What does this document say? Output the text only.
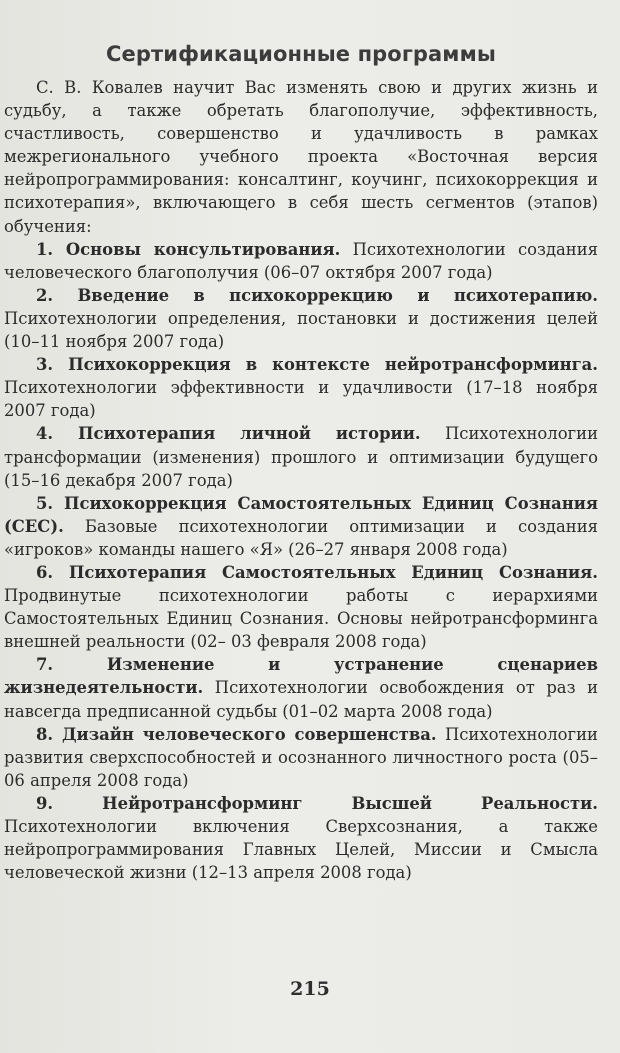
Сертификационные программы

С. В. Ковалев научит Вас изменять свою и других жизнь и судьбу, а также обретать благополучие, эффективность, счастливость, совершенство и удачливость в рамках межрегионального учебного проекта «Восточная версия нейропрограммирования: консалтинг, коучинг, психокоррекция и психотерапия», включающего в себя шесть сегментов (этапов) обучения:

1. Основы консультирования. Психотехнологии создания человеческого благополучия (06–07 октября 2007 года)

2. Введение в психокоррекцию и психотерапию. Психотехнологии определения, постановки и достижения целей (10–11 ноября 2007 года)

3. Психокоррекция в контексте нейротрансформинга. Психотехнологии эффективности и удачливости (17–18 ноября 2007 года)

4. Психотерапия личной истории. Психотехнологии трансформации (изменения) прошлого и оптимизации будущего (15–16 декабря 2007 года)

5. Психокоррекция Самостоятельных Единиц Сознания (СЕС). Базовые психотехнологии оптимизации и создания «игроков» команды нашего «Я» (26–27 января 2008 года)

6. Психотерапия Самостоятельных Единиц Сознания. Продвинутые психотехнологии работы с иерархиями Самостоятельных Единиц Сознания. Основы нейротрансформинга внешней реальности (02– 03 февраля 2008 года)

7. Изменение и устранение сценариев жизнедеятельности. Психотехнологии освобождения от раз и навсегда предписанной судьбы (01–02 марта 2008 года)

8. Дизайн человеческого совершенства. Психотехнологии развития сверхспособностей и осознанного личностного роста (05–06 апреля 2008 года)

9. Нейротрансформинг Высшей Реальности. Психотехнологии включения Сверхсознания, а также нейропрограммирования Главных Целей, Миссии и Смысла человеческой жизни (12–13 апреля 2008 года)

215
